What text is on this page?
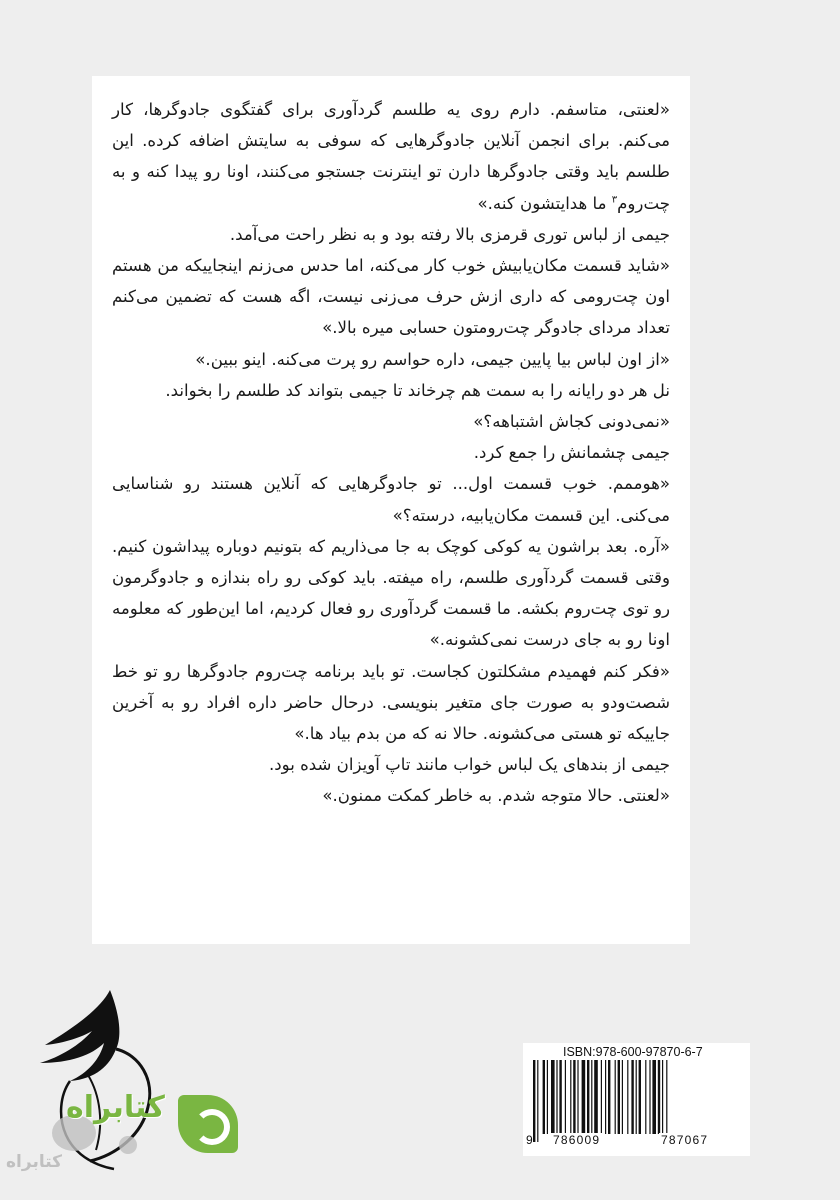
«لعنتی، متاسفم. دارم روی یه طلسم گردآوری برای گفتگوی جادوگرها، کار می‌کنم. برای انجمن آنلاین جادوگرهایی که سوفی به سایتش اضافه کرده. این طلسم باید وقتی جادوگرها دارن تو اینترنت جستجو می‌کنند، اونا رو پیدا کنه و به چت‌روم$^۳$ ما هدایتشون کنه.»

جیمی از لباس توری قرمزی بالا رفته بود و به نظر راحت می‌آمد.

«شاید قسمت مکان‌یابیش خوب کار می‌کنه، اما حدس می‌زنم اینجاییکه من هستم اون چت‌رومی که داری ازش حرف می‌زنی نیست، اگه هست که تضمین می‌کنم تعداد مردای جادوگر چت‌رومتون حسابی میره بالا.»

«از اون لباس بیا پایین جیمی، داره حواسم رو پرت می‌کنه. اینو ببین.»

نل هر دو رایانه را به سمت هم چرخاند تا جیمی بتواند کد طلسم را بخواند.

«نمی‌دونی کجاش اشتباهه؟»

جیمی چشمانش را جمع کرد.

«هوممم. خوب قسمت اول... تو جادوگرهایی که آنلاین هستند رو شناسایی می‌کنی. این قسمت مکان‌یابیه، درسته؟»

«آره. بعد براشون یه کوکی کوچک به جا می‌ذاریم که بتونیم دوباره پیداشون کنیم. وقتی قسمت گردآوری طلسم، راه میفته. باید کوکی رو راه بندازه و جادوگرمون رو توی چت‌روم بکشه. ما قسمت گردآوری رو فعال کردیم، اما این‌طور که معلومه اونا رو به جای درست نمی‌کشونه.»

«فکر کنم فهمیدم مشکلتون کجاست. تو باید برنامه چت‌روم جادوگرها رو تو خط شصت‌ودو به صورت جای متغیر بنویسی. درحال حاضر داره افراد رو به آخرین جاییکه تو هستی می‌کشونه. حالا نه که من بدم بیاد ها.»

جیمی از بندهای یک لباس خواب مانند تاپ آویزان شده بود.

«لعنتی. حالا متوجه شدم. به خاطر کمکت ممنون.»

کتابراه
کتابراه
ISBN:978-600-97870-6-7
9 786009	787067
